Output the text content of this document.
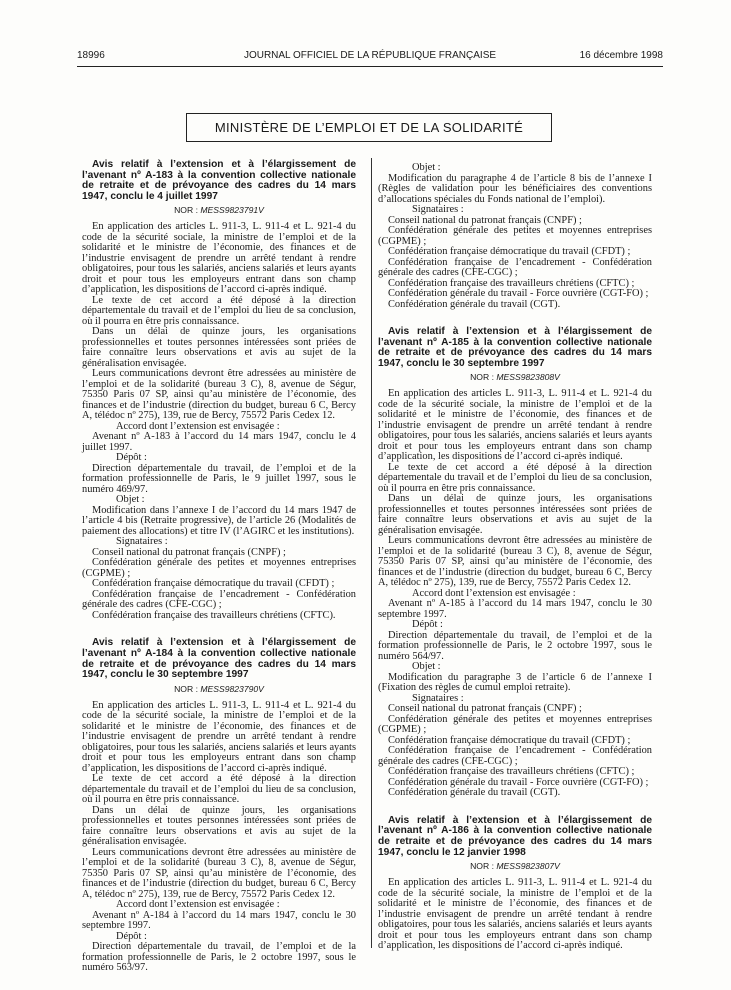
18996	JOURNAL OFFICIEL DE LA RÉPUBLIQUE FRANÇAISE	16 décembre 1998
MINISTÈRE DE L’EMPLOI ET DE LA SOLIDARITÉ

Avis relatif à l’extension et à l’élargissement de l’avenant nº A-183 à la convention collective nationale de retraite et de prévoyance des cadres du 14 mars 1947, conclu le 4 juillet 1997

NOR : MESS9823791V

En application des articles L. 911-3, L. 911-4 et L. 921-4 du code de la sécurité sociale, la ministre de l’emploi et de la solidarité et le ministre de l’économie, des finances et de l’industrie envisagent de prendre un arrêté tendant à rendre obligatoires, pour tous les salariés, anciens salariés et leurs ayants droit et pour tous les employeurs entrant dans son champ d’application, les dispositions de l’accord ci-après indiqué.

Le texte de cet accord a été déposé à la direction départementale du travail et de l’emploi du lieu de sa conclusion, où il pourra en être pris connaissance.

Dans un délai de quinze jours, les organisations professionnelles et toutes personnes intéressées sont priées de faire connaître leurs observations et avis au sujet de la généralisation envisagée.

Leurs communications devront être adressées au ministère de l’emploi et de la solidarité (bureau 3 C), 8, avenue de Ségur, 75350 Paris 07 SP, ainsi qu’au ministère de l’économie, des finances et de l’industrie (direction du budget, bureau 6 C, Bercy A, télédoc nº 275), 139, rue de Bercy, 75572 Paris Cedex 12.

Accord dont l’extension est envisagée :

Avenant nº A-183 à l’accord du 14 mars 1947, conclu le 4 juillet 1997.

Dépôt :

Direction départementale du travail, de l’emploi et de la formation professionnelle de Paris, le 9 juillet 1997, sous le numéro 469/97.

Objet :

Modification dans l’annexe I de l’accord du 14 mars 1947 de l’article 4 bis (Retraite progressive), de l’article 26 (Modalités de paiement des allocations) et titre IV (l’AGIRC et les institutions).

Signataires :

Conseil national du patronat français (CNPF) ;

Confédération générale des petites et moyennes entreprises (CGPME) ;

Confédération française démocratique du travail (CFDT) ;

Confédération française de l’encadrement - Confédération générale des cadres (CFE-CGC) ;

Confédération française des travailleurs chrétiens (CFTC).

Avis relatif à l’extension et à l’élargissement de l’avenant nº A-184 à la convention collective nationale de retraite et de prévoyance des cadres du 14 mars 1947, conclu le 30 septembre 1997

NOR : MESS9823790V

En application des articles L. 911-3, L. 911-4 et L. 921-4 du code de la sécurité sociale, la ministre de l’emploi et de la solidarité et le ministre de l’économie, des finances et de l’industrie envisagent de prendre un arrêté tendant à rendre obligatoires, pour tous les salariés, anciens salariés et leurs ayants droit et pour tous les employeurs entrant dans son champ d’application, les dispositions de l’accord ci-après indiqué.

Le texte de cet accord a été déposé à la direction départementale du travail et de l’emploi du lieu de sa conclusion, où il pourra en être pris connaissance.

Dans un délai de quinze jours, les organisations professionnelles et toutes personnes intéressées sont priées de faire connaître leurs observations et avis au sujet de la généralisation envisagée.

Leurs communications devront être adressées au ministère de l’emploi et de la solidarité (bureau 3 C), 8, avenue de Ségur, 75350 Paris 07 SP, ainsi qu’au ministère de l’économie, des finances et de l’industrie (direction du budget, bureau 6 C, Bercy A, télédoc nº 275), 139, rue de Bercy, 75572 Paris Cedex 12.

Accord dont l’extension est envisagée :

Avenant nº A-184 à l’accord du 14 mars 1947, conclu le 30 septembre 1997.

Dépôt :

Direction départementale du travail, de l’emploi et de la formation professionnelle de Paris, le 2 octobre 1997, sous le numéro 563/97.

Objet :

Modification du paragraphe 4 de l’article 8 bis de l’annexe I (Règles de validation pour les bénéficiaires des conventions d’allocations spéciales du Fonds national de l’emploi).

Signataires :

Conseil national du patronat français (CNPF) ;

Confédération générale des petites et moyennes entreprises (CGPME) ;

Confédération française démocratique du travail (CFDT) ;

Confédération française de l’encadrement - Confédération générale des cadres (CFE-CGC) ;

Confédération française des travailleurs chrétiens (CFTC) ;

Confédération générale du travail - Force ouvrière (CGT-FO) ;

Confédération générale du travail (CGT).

Avis relatif à l’extension et à l’élargissement de l’avenant nº A-185 à la convention collective nationale de retraite et de prévoyance des cadres du 14 mars 1947, conclu le 30 septembre 1997

NOR : MESS9823808V

En application des articles L. 911-3, L. 911-4 et L. 921-4 du code de la sécurité sociale, la ministre de l’emploi et de la solidarité et le ministre de l’économie, des finances et de l’industrie envisagent de prendre un arrêté tendant à rendre obligatoires, pour tous les salariés, anciens salariés et leurs ayants droit et pour tous les employeurs entrant dans son champ d’application, les dispositions de l’accord ci-après indiqué.

Le texte de cet accord a été déposé à la direction départementale du travail et de l’emploi du lieu de sa conclusion, où il pourra en être pris connaissance.

Dans un délai de quinze jours, les organisations professionnelles et toutes personnes intéressées sont priées de faire connaître leurs observations et avis au sujet de la généralisation envisagée.

Leurs communications devront être adressées au ministère de l’emploi et de la solidarité (bureau 3 C), 8, avenue de Ségur, 75350 Paris 07 SP, ainsi qu’au ministère de l’économie, des finances et de l’industrie (direction du budget, bureau 6 C, Bercy A, télédoc nº 275), 139, rue de Bercy, 75572 Paris Cedex 12.

Accord dont l’extension est envisagée :

Avenant nº A-185 à l’accord du 14 mars 1947, conclu le 30 septembre 1997.

Dépôt :

Direction départementale du travail, de l’emploi et de la formation professionnelle de Paris, le 2 octobre 1997, sous le numéro 564/97.

Objet :

Modification du paragraphe 3 de l’article 6 de l’annexe I (Fixation des règles de cumul emploi retraite).

Signataires :

Conseil national du patronat français (CNPF) ;

Confédération générale des petites et moyennes entreprises (CGPME) ;

Confédération française démocratique du travail (CFDT) ;

Confédération française de l’encadrement - Confédération générale des cadres (CFE-CGC) ;

Confédération française des travailleurs chrétiens (CFTC) ;

Confédération générale du travail - Force ouvrière (CGT-FO) ;

Confédération générale du travail (CGT).

Avis relatif à l’extension et à l’élargissement de l’avenant nº A-186 à la convention collective nationale de retraite et de prévoyance des cadres du 14 mars 1947, conclu le 12 janvier 1998

NOR : MESS9823807V

En application des articles L. 911-3, L. 911-4 et L. 921-4 du code de la sécurité sociale, la ministre de l’emploi et de la solidarité et le ministre de l’économie, des finances et de l’industrie envisagent de prendre un arrêté tendant à rendre obligatoires, pour tous les salariés, anciens salariés et leurs ayants droit et pour tous les employeurs entrant dans son champ d’application, les dispositions de l’accord ci-après indiqué.
